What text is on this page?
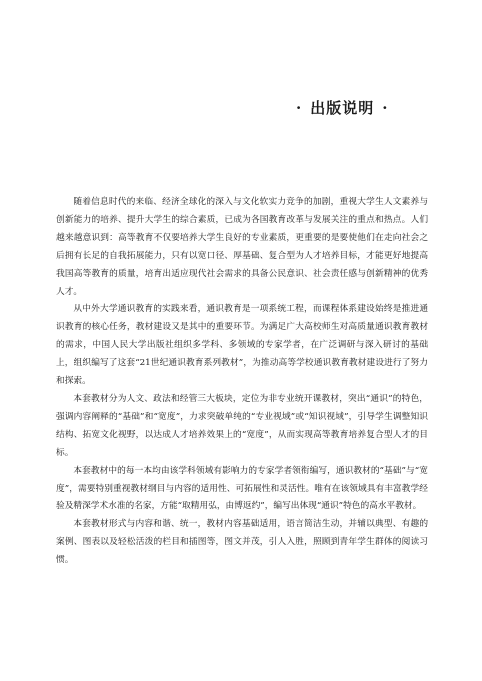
· 出版说明 ·

随着信息时代的来临、经济全球化的深入与文化软实力竞争的加剧，重视大学生人文素养与创新能力的培养、提升大学生的综合素质，已成为各国教育改革与发展关注的重点和热点。人们越来越意识到：高等教育不仅要培养大学生良好的专业素质，更重要的是要使他们在走向社会之后拥有长足的自我拓展能力，只有以宽口径、厚基础、复合型为人才培养目标，才能更好地提高我国高等教育的质量，培育出适应现代社会需求的具备公民意识、社会责任感与创新精神的优秀人才。

从中外大学通识教育的实践来看，通识教育是一项系统工程，而课程体系建设始终是推进通识教育的核心任务，教材建设又是其中的重要环节。为满足广大高校师生对高质量通识教育教材的需求，中国人民大学出版社组织多学科、多领域的专家学者，在广泛调研与深入研讨的基础上，组织编写了这套“21世纪通识教育系列教材”，为推动高等学校通识教育教材建设进行了努力和探索。

本套教材分为人文、政法和经管三大板块，定位为非专业统开课教材，突出“通识”的特色，强调内容阐释的“基础”和“宽度”，力求突破单纯的“专业视域”或“知识视域”，引导学生调整知识结构、拓宽文化视野，以达成人才培养效果上的“宽度”，从而实现高等教育培养复合型人才的目标。

本套教材中的每一本均由该学科领域有影响力的专家学者领衔编写，通识教材的“基础”与“宽度”，需要特别重视教材纲目与内容的适用性、可拓展性和灵活性。唯有在该领域具有丰富教学经验及精深学术水准的名家，方能“取精用弘，由博返约”，编写出体现“通识”特色的高水平教材。

本套教材形式与内容和谐、统一，教材内容基础适用，语言简洁生动，并辅以典型、有趣的案例、图表以及轻松活泼的栏目和插图等，图文并茂，引人入胜，照顾到青年学生群体的阅读习惯。
